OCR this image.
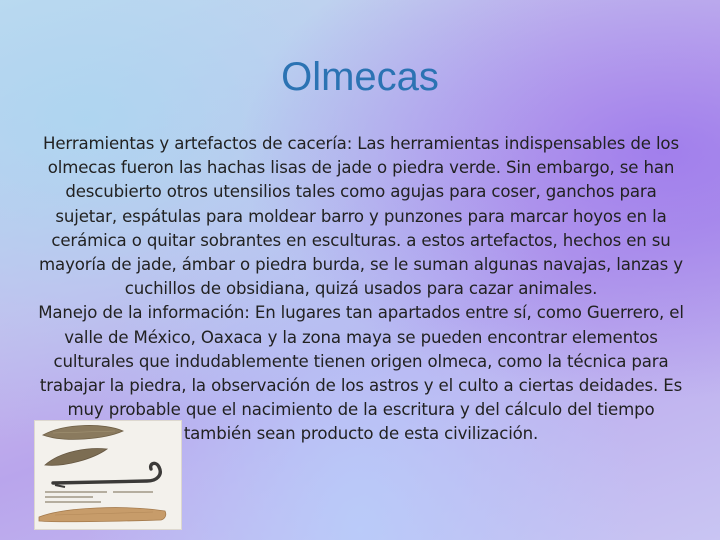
Olmecas

Herramientas y artefactos de cacería: Las herramientas indispensables de los olmecas fueron las hachas lisas de jade o piedra verde. Sin embargo, se han descubierto otros utensilios tales como agujas para coser, ganchos para sujetar, espátulas para moldear barro y punzones para marcar hoyos en la cerámica o quitar sobrantes en esculturas. a estos artefactos, hechos en su mayoría de jade, ámbar o piedra burda, se le suman algunas navajas, lanzas y cuchillos de obsidiana, quizá usados para cazar animales.

Manejo de la información: En lugares tan apartados entre sí, como Guerrero, el valle de México, Oaxaca y la zona maya se pueden encontrar elementos culturales que indudablemente tienen origen olmeca, como la técnica para trabajar la piedra, la observación de los astros y el culto a ciertas deidades. Es muy probable que el nacimiento de la escritura y del cálculo del tiempo también sean producto de esta civilización.
